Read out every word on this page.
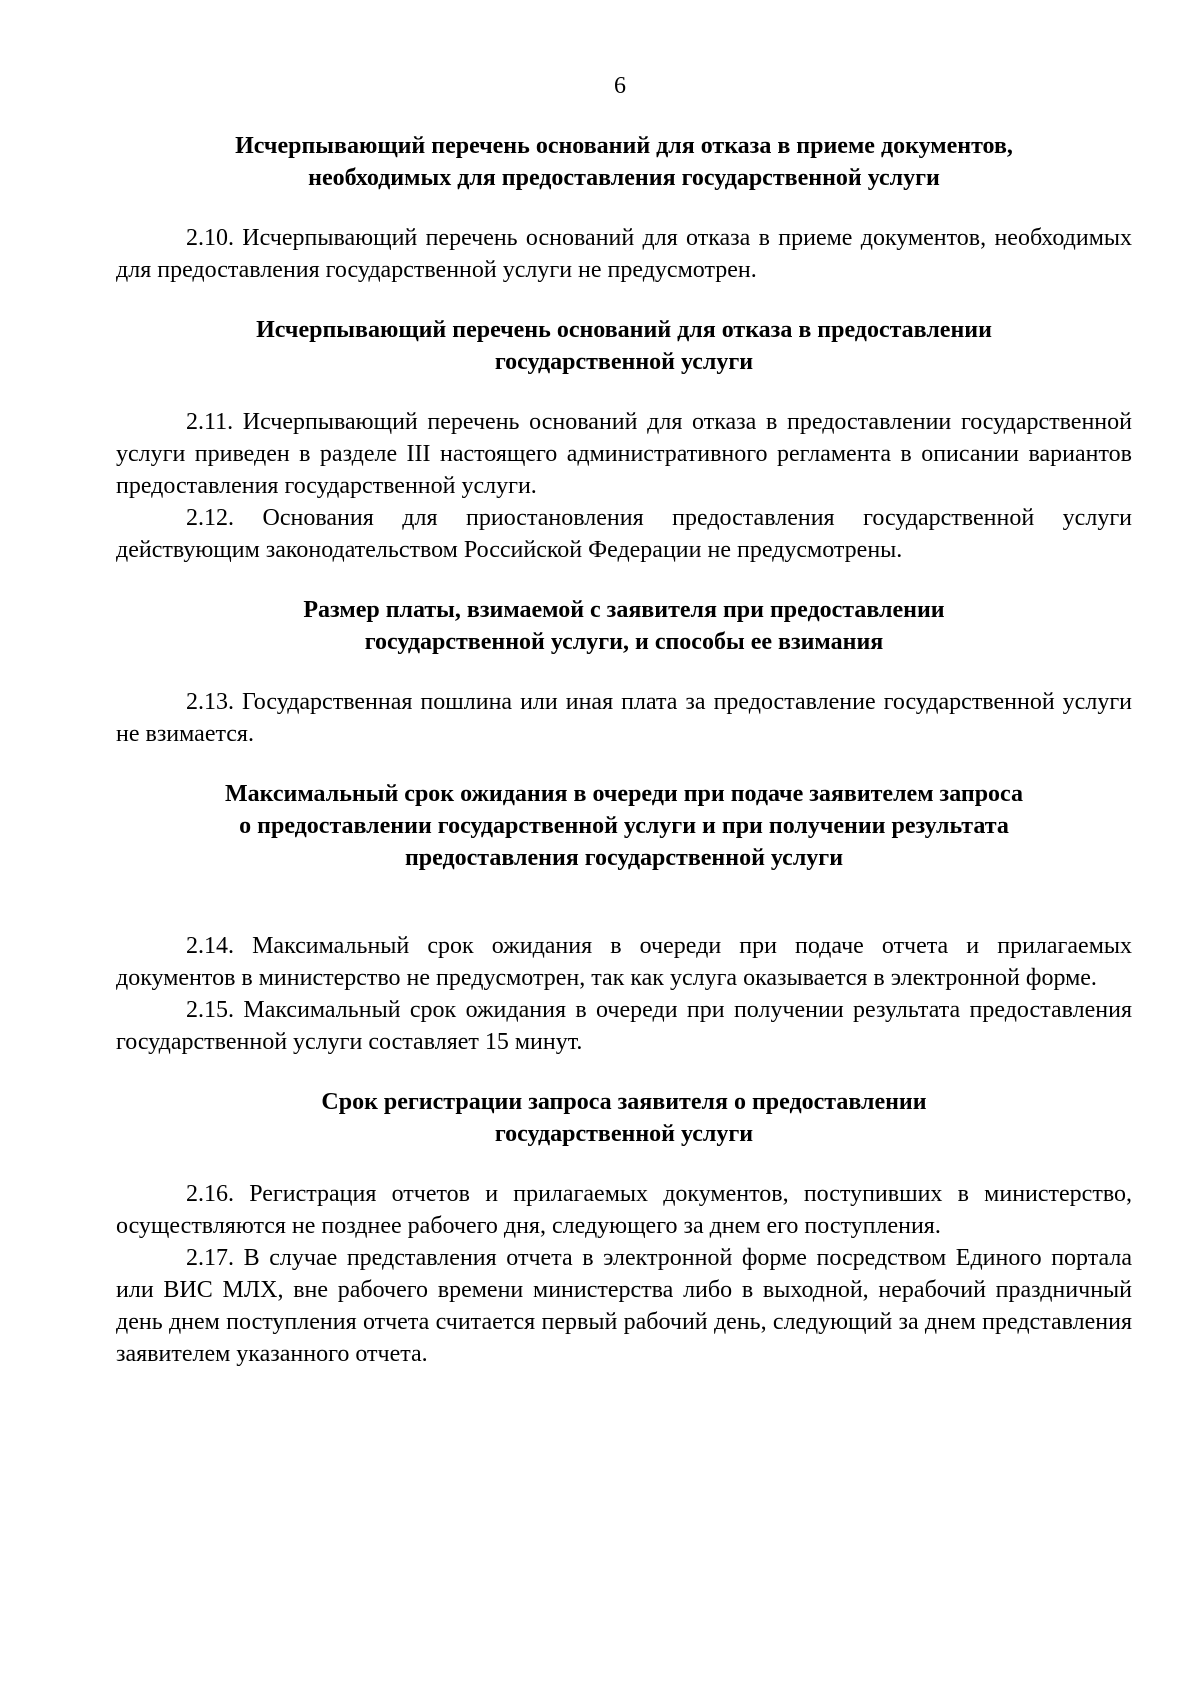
6
Исчерпывающий перечень оснований для отказа в приеме документов,
необходимых для предоставления государственной услуги

2.10. Исчерпывающий перечень оснований для отказа в приеме документов, необходимых для предоставления государственной услуги не предусмотрен.

Исчерпывающий перечень оснований для отказа в предоставлении
государственной услуги

2.11. Исчерпывающий перечень оснований для отказа в предоставлении государственной услуги приведен в разделе III настоящего административного регламента в описании вариантов предоставления государственной услуги.

2.12. Основания для приостановления предоставления государственной услуги действующим законодательством Российской Федерации не предусмотрены.

Размер платы, взимаемой с заявителя при предоставлении
государственной услуги, и способы ее взимания

2.13. Государственная пошлина или иная плата за предоставление государственной услуги не взимается.

Максимальный срок ожидания в очереди при подаче заявителем запроса
о предоставлении государственной услуги и при получении результата
предоставления государственной услуги

2.14. Максимальный срок ожидания в очереди при подаче отчета и прилагаемых документов в министерство не предусмотрен, так как услуга оказывается в электронной форме.

2.15. Максимальный срок ожидания в очереди при получении результата предоставления государственной услуги составляет 15 минут.

Срок регистрации запроса заявителя о предоставлении
государственной услуги

2.16. Регистрация отчетов и прилагаемых документов, поступивших в министерство, осуществляются не позднее рабочего дня, следующего за днем его поступления.

2.17. В случае представления отчета в электронной форме посредством Единого портала или ВИС МЛХ, вне рабочего времени министерства либо в выходной, нерабочий праздничный день днем поступления отчета считается первый рабочий день, следующий за днем представления заявителем указанного отчета.
